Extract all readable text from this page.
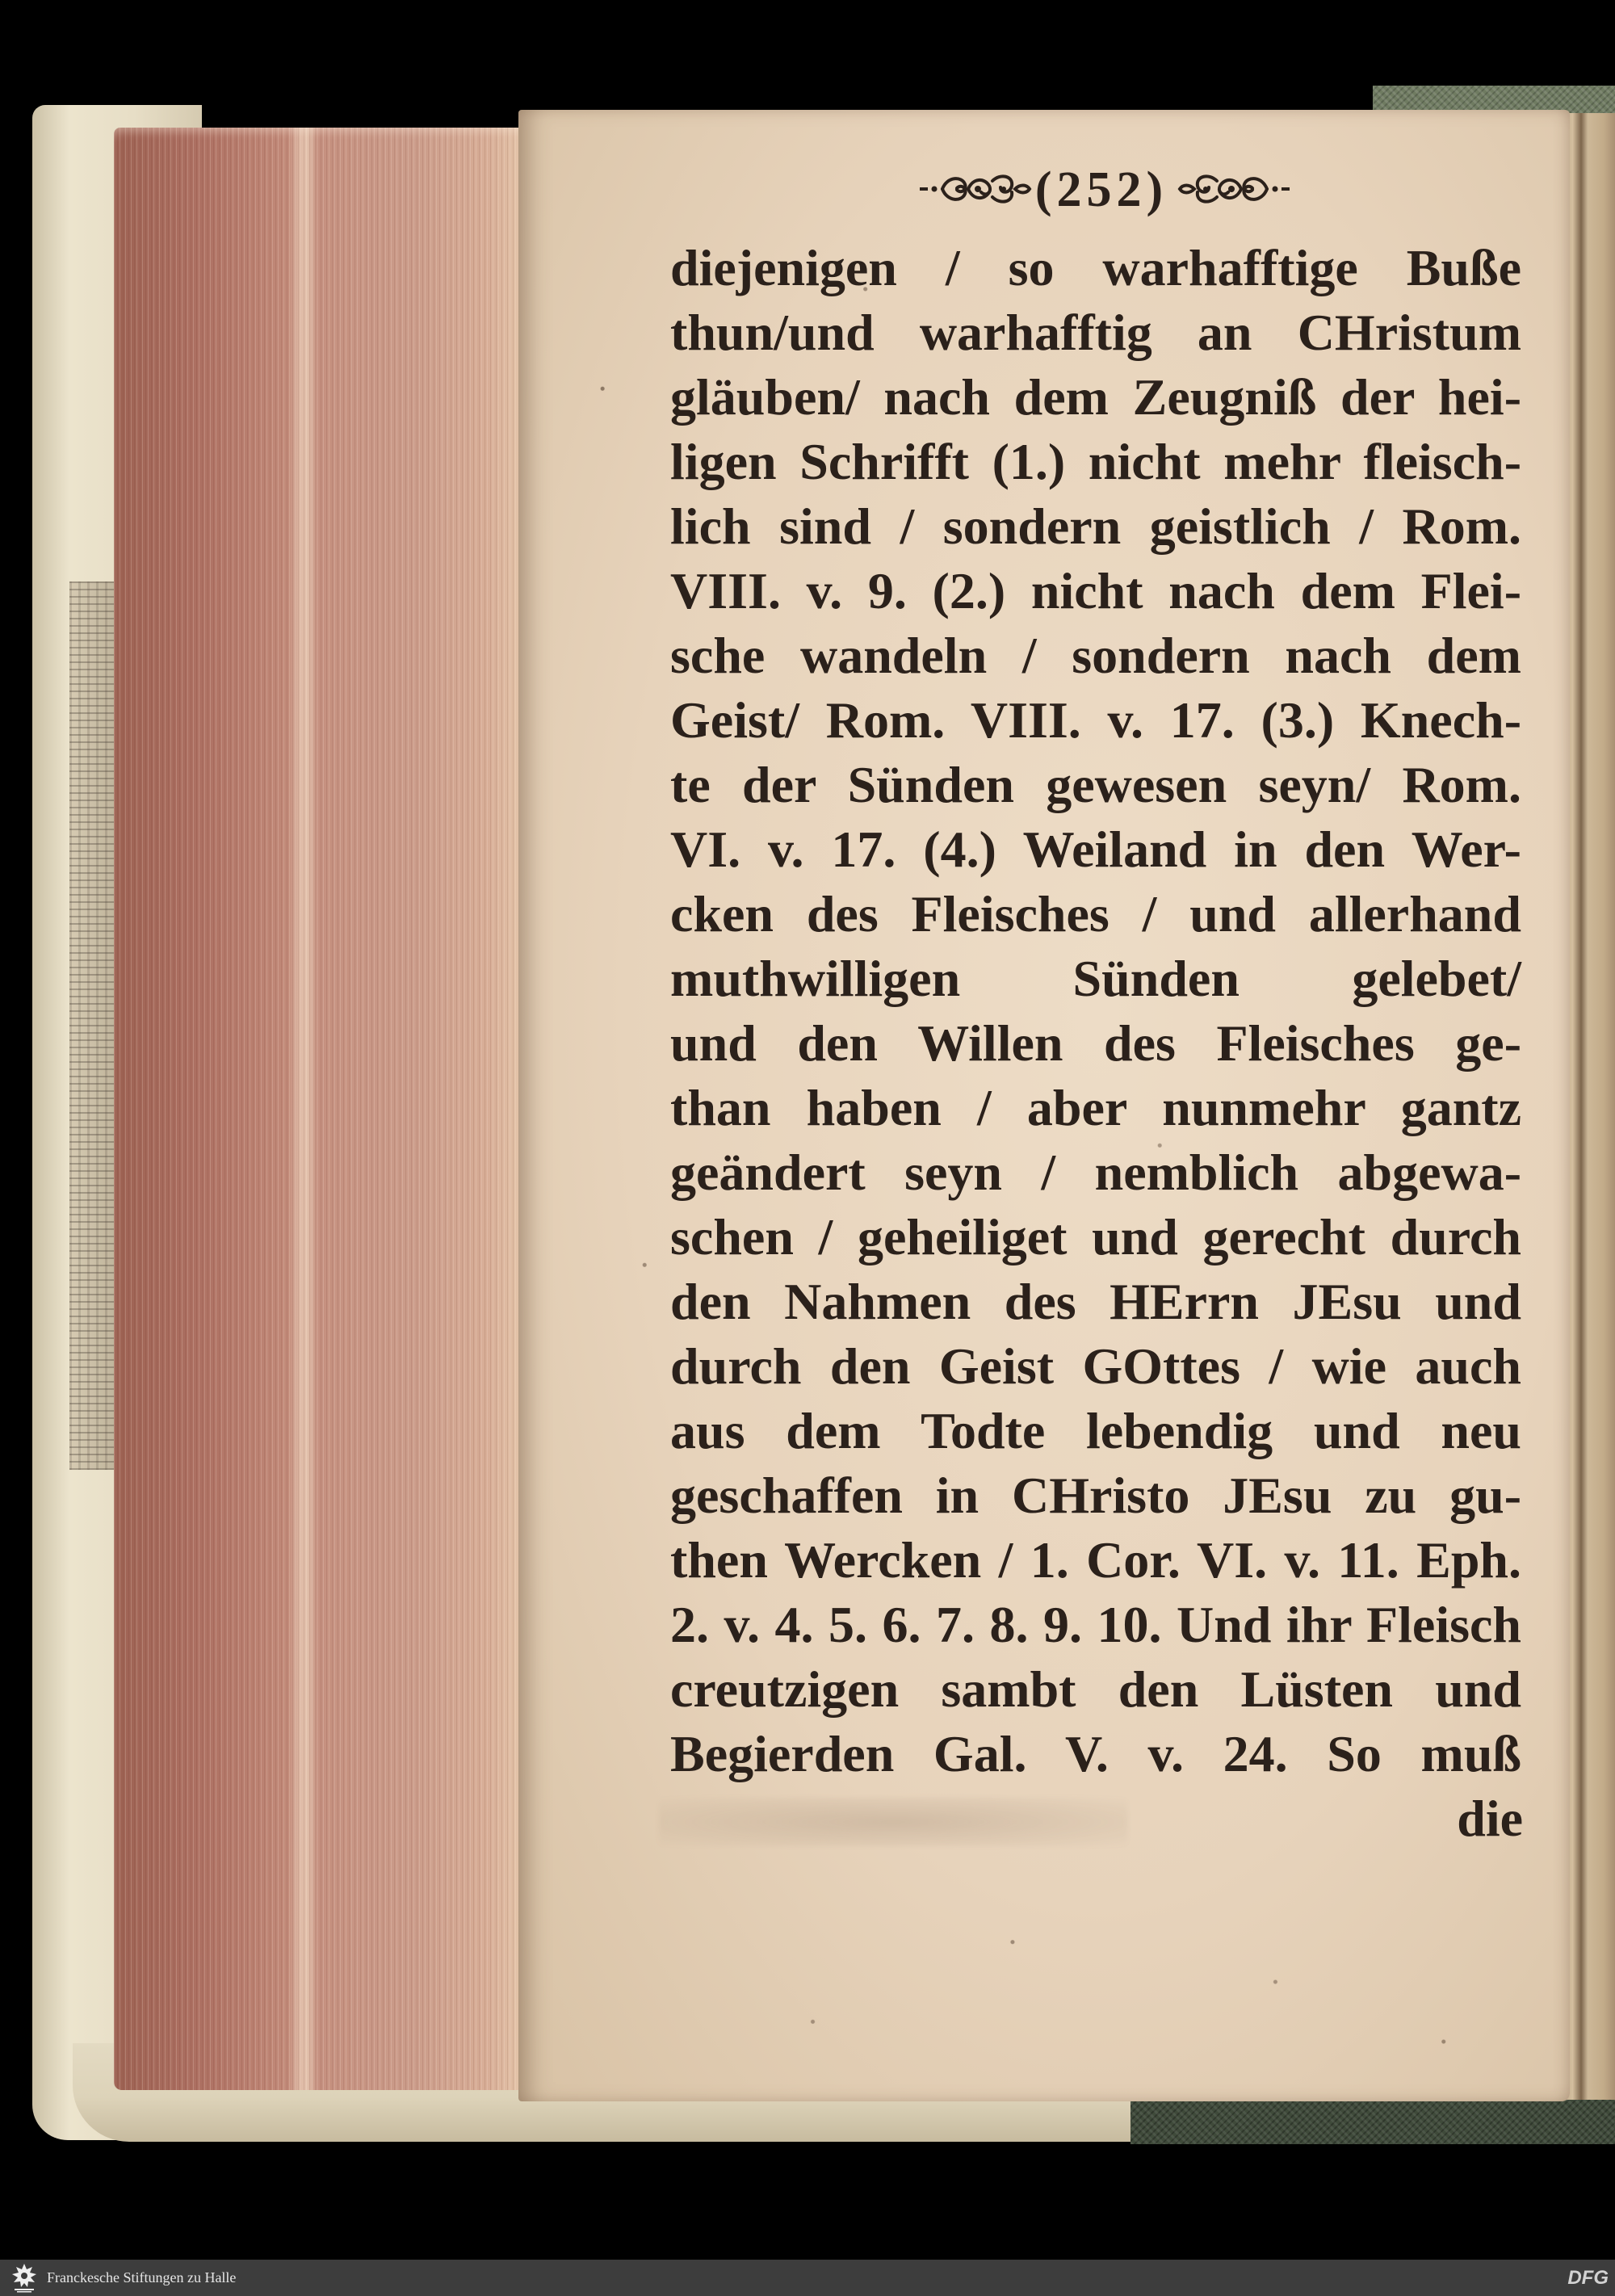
(252)
diejenigen / so warhafftige Buße
thun/und warhafftig an CHristum
gläuben/ nach dem Zeugniß der hei-
ligen Schrifft (1.) nicht mehr fleisch-
lich sind / sondern geistlich / Rom.
VIII. v. 9. (2.) nicht nach dem Flei-
sche wandeln / sondern nach dem
Geist/ Rom. VIII. v. 17. (3.) Knech-
te der Sünden gewesen seyn/ Rom.
VI. v. 17. (4.) Weiland in den Wer-
cken des Fleisches / und allerhand
muthwilligen Sünden gelebet/
und den Willen des Fleisches ge-
than haben / aber nunmehr gantz
geändert seyn / nemblich abgewa-
schen / geheiliget und gerecht durch
den Nahmen des HErrn JEsu und
durch den Geist GOttes / wie auch
aus dem Todte lebendig und neu
geschaffen in CHristo JEsu zu gu-
then Wercken / 1. Cor. VI. v. 11. Eph.
2. v. 4. 5. 6. 7. 8. 9. 10. Und ihr Fleisch
creutzigen sambt den Lüsten und
Begierden Gal. V. v. 24. So muß
die
Franckesche Stiftungen zu Halle	DFG
